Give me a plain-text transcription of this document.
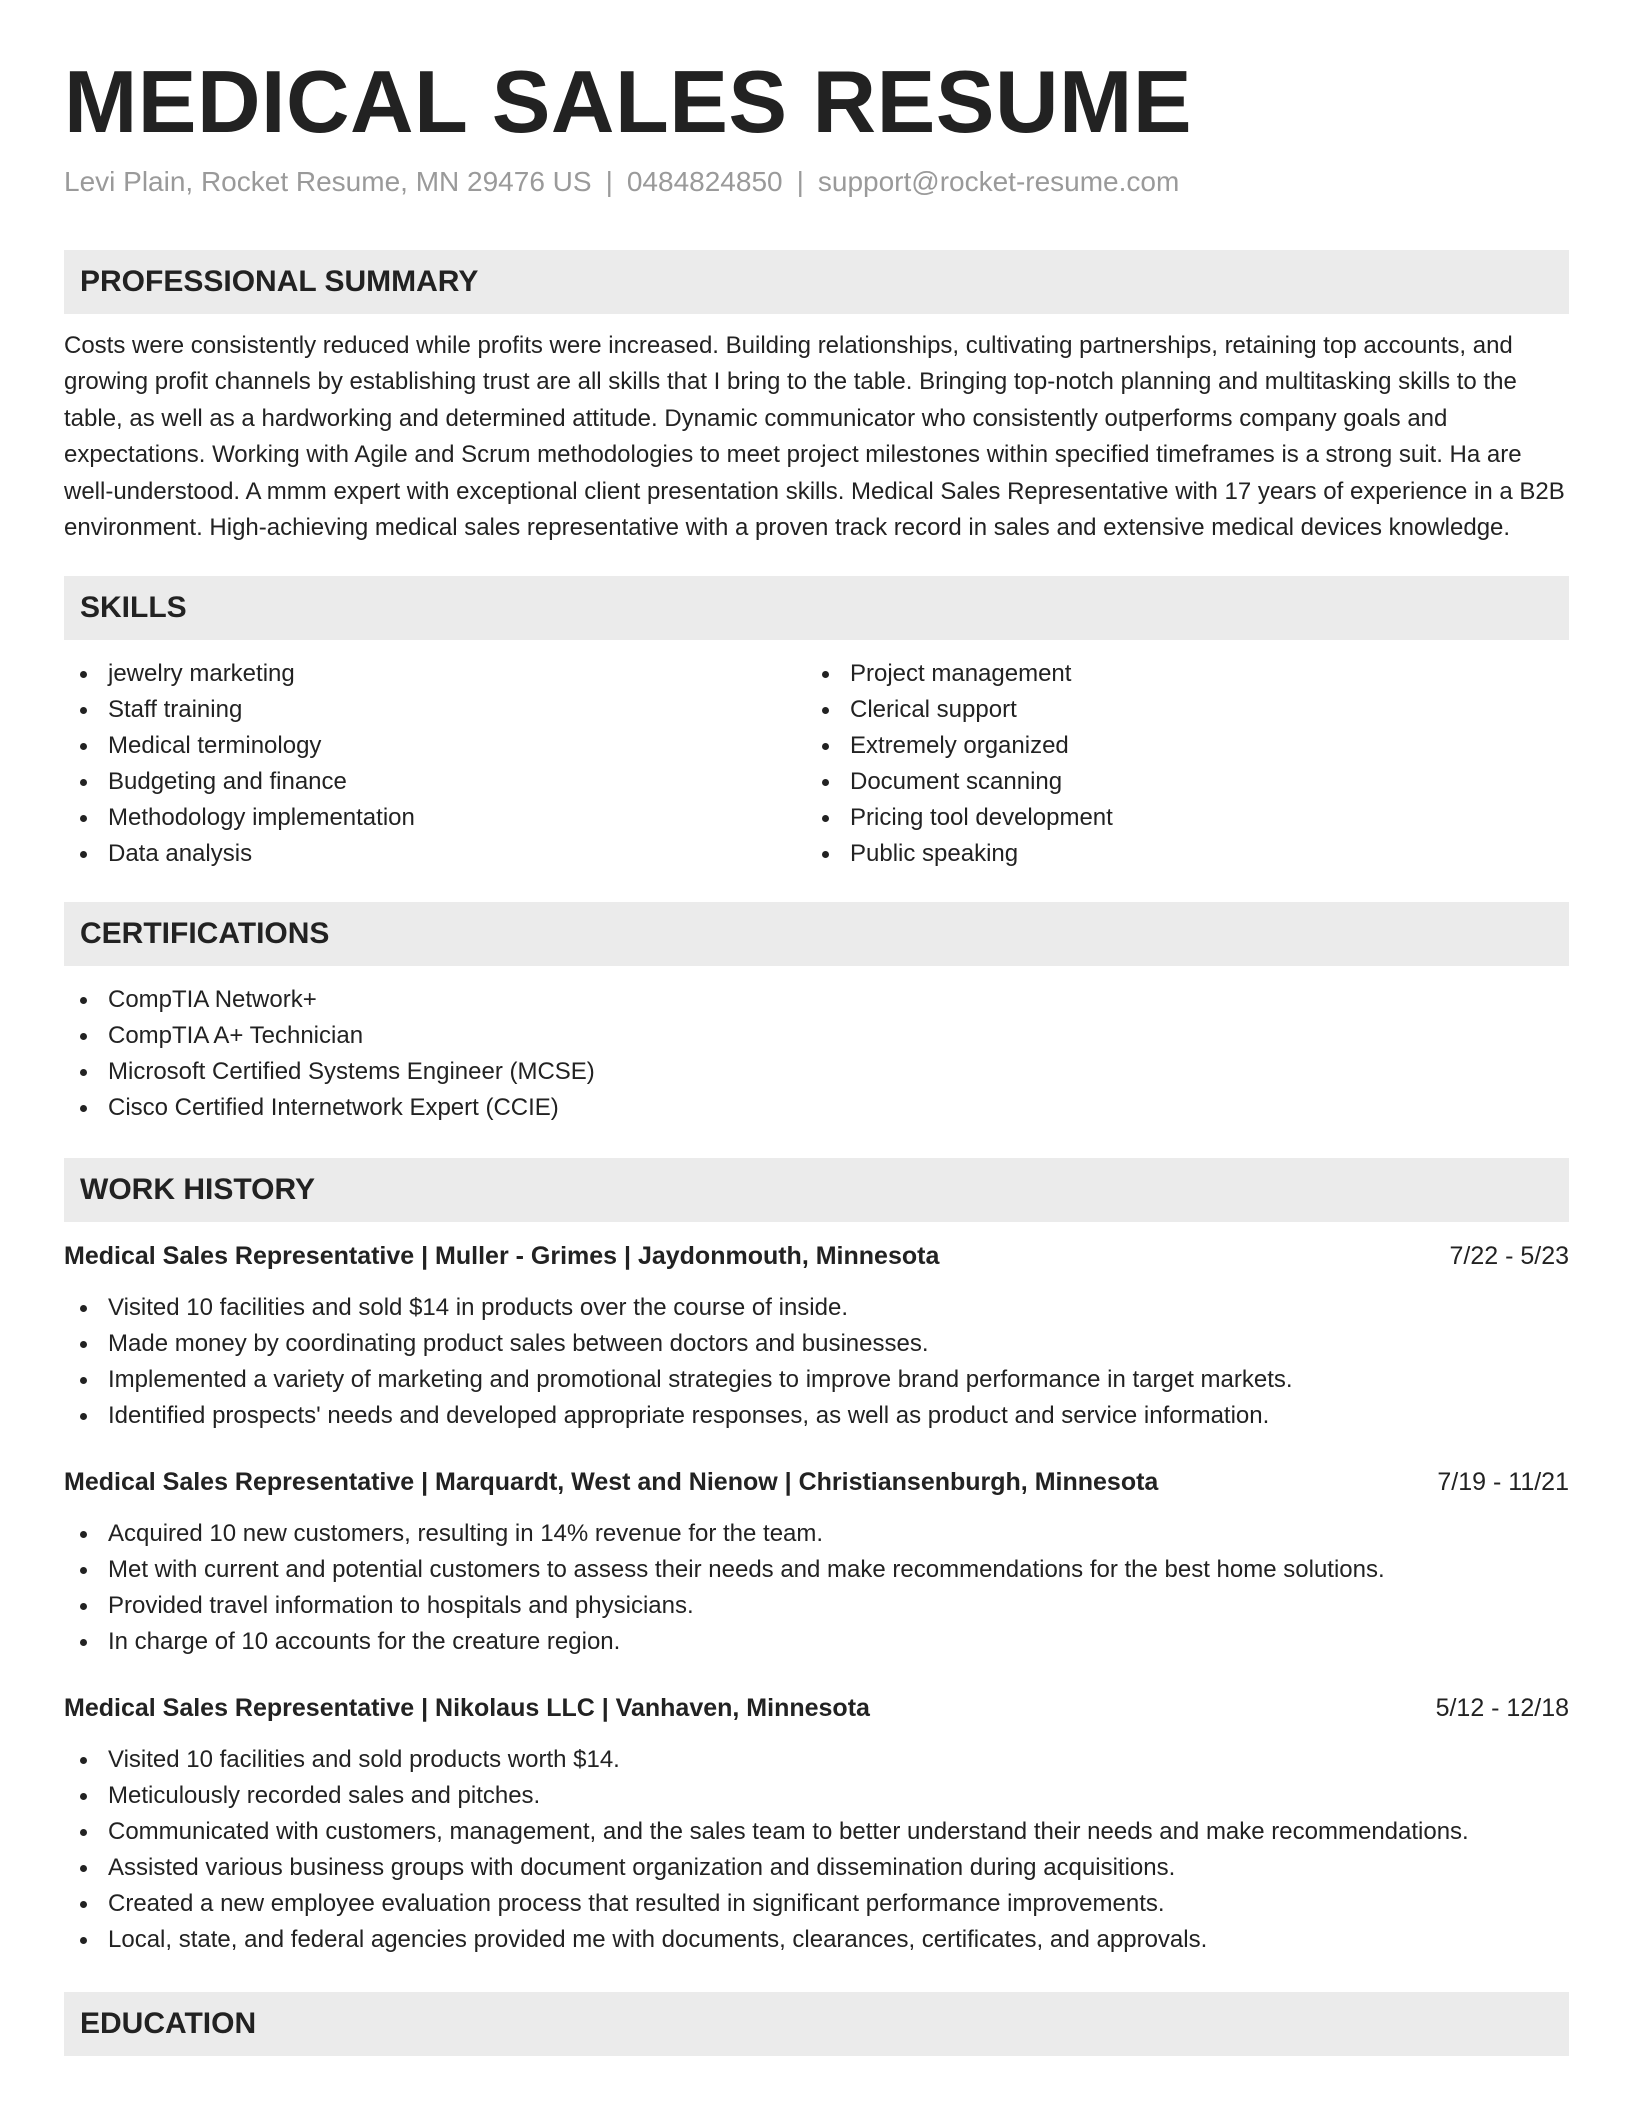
MEDICAL SALES RESUME
Levi Plain, Rocket Resume, MN 29476 US | 0484824850 | support@rocket-resume.com
PROFESSIONAL SUMMARY

Costs were consistently reduced while profits were increased. Building relationships, cultivating partnerships, retaining top accounts, and growing profit channels by establishing trust are all skills that I bring to the table. Bringing top-notch planning and multitasking skills to the table, as well as a hardworking and determined attitude. Dynamic communicator who consistently outperforms company goals and expectations. Working with Agile and Scrum methodologies to meet project milestones within specified timeframes is a strong suit. Ha are well-understood. A mmm expert with exceptional client presentation skills. Medical Sales Representative with 17 years of experience in a B2B environment. High-achieving medical sales representative with a proven track record in sales and extensive medical devices knowledge.

SKILLS
jewelry marketing
Staff training
Medical terminology
Budgeting and finance
Methodology implementation
Data analysis
Project management
Clerical support
Extremely organized
Document scanning
Pricing tool development
Public speaking
CERTIFICATIONS
CompTIA Network+
CompTIA A+ Technician
Microsoft Certified Systems Engineer (MCSE)
Cisco Certified Internetwork Expert (CCIE)
WORK HISTORY
Medical Sales Representative | Muller - Grimes | Jaydonmouth, Minnesota	7/22 - 5/23
Visited 10 facilities and sold $14 in products over the course of inside.
Made money by coordinating product sales between doctors and businesses.
Implemented a variety of marketing and promotional strategies to improve brand performance in target markets.
Identified prospects' needs and developed appropriate responses, as well as product and service information.
Medical Sales Representative | Marquardt, West and Nienow | Christiansenburgh, Minnesota	7/19 - 11/21
Acquired 10 new customers, resulting in 14% revenue for the team.
Met with current and potential customers to assess their needs and make recommendations for the best home solutions.
Provided travel information to hospitals and physicians.
In charge of 10 accounts for the creature region.
Medical Sales Representative | Nikolaus LLC | Vanhaven, Minnesota	5/12 - 12/18
Visited 10 facilities and sold products worth $14.
Meticulously recorded sales and pitches.
Communicated with customers, management, and the sales team to better understand their needs and make recommendations.
Assisted various business groups with document organization and dissemination during acquisitions.
Created a new employee evaluation process that resulted in significant performance improvements.
Local, state, and federal agencies provided me with documents, clearances, certificates, and approvals.
EDUCATION
